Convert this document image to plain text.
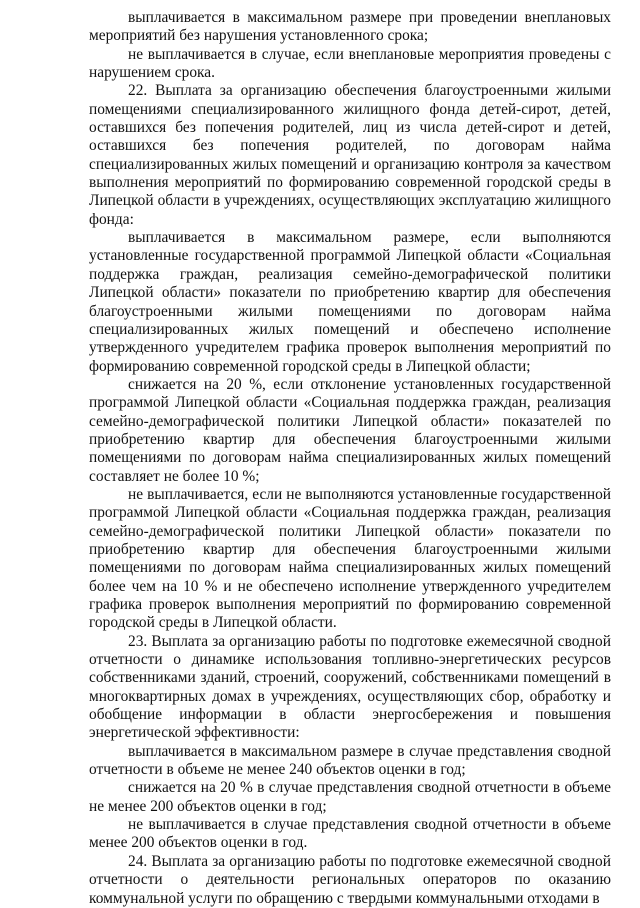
выплачивается в максимальном размере при проведении внеплановых мероприятий без нарушения установленного срока;

не выплачивается в случае, если внеплановые мероприятия проведены с нарушением срока.

22. Выплата за организацию обеспечения благоустроенными жилыми помещениями специализированного жилищного фонда детей-сирот, детей, оставшихся без попечения родителей, лиц из числа детей-сирот и детей, оставшихся без попечения родителей, по договорам найма специализированных жилых помещений и организацию контроля за качеством выполнения мероприятий по формированию современной городской среды в Липецкой области в учреждениях, осуществляющих эксплуатацию жилищного фонда:

выплачивается в максимальном размере, если выполняются установленные государственной программой Липецкой области «Социальная поддержка граждан, реализация семейно-демографической политики Липецкой области» показатели по приобретению квартир для обеспечения благоустроенными жилыми помещениями по договорам найма специализированных жилых помещений и обеспечено исполнение утвержденного учредителем графика проверок выполнения мероприятий по формированию современной городской среды в Липецкой области;

снижается на 20 %, если отклонение установленных государственной программой Липецкой области «Социальная поддержка граждан, реализация семейно-демографической политики Липецкой области» показателей по приобретению квартир для обеспечения благоустроенными жилыми помещениями по договорам найма специализированных жилых помещений составляет не более 10 %;

не выплачивается, если не выполняются установленные государственной программой Липецкой области «Социальная поддержка граждан, реализация семейно-демографической политики Липецкой области» показатели по приобретению квартир для обеспечения благоустроенными жилыми помещениями по договорам найма специализированных жилых помещений более чем на 10 % и не обеспечено исполнение утвержденного учредителем графика проверок выполнения мероприятий по формированию современной городской среды в Липецкой области.

23. Выплата за организацию работы по подготовке ежемесячной сводной отчетности о динамике использования топливно-энергетических ресурсов собственниками зданий, строений, сооружений, собственниками помещений в многоквартирных домах в учреждениях, осуществляющих сбор, обработку и обобщение информации в области энергосбережения и повышения энергетической эффективности:

выплачивается в максимальном размере в случае представления сводной отчетности в объеме не менее 240 объектов оценки в год;

снижается на 20 % в случае представления сводной отчетности в объеме не менее 200 объектов оценки в год;

не выплачивается в случае представления сводной отчетности в объеме менее 200 объектов оценки в год.

24. Выплата за организацию работы по подготовке ежемесячной сводной отчетности о деятельности региональных операторов по оказанию коммунальной услуги по обращению с твердыми коммунальными отходами в
